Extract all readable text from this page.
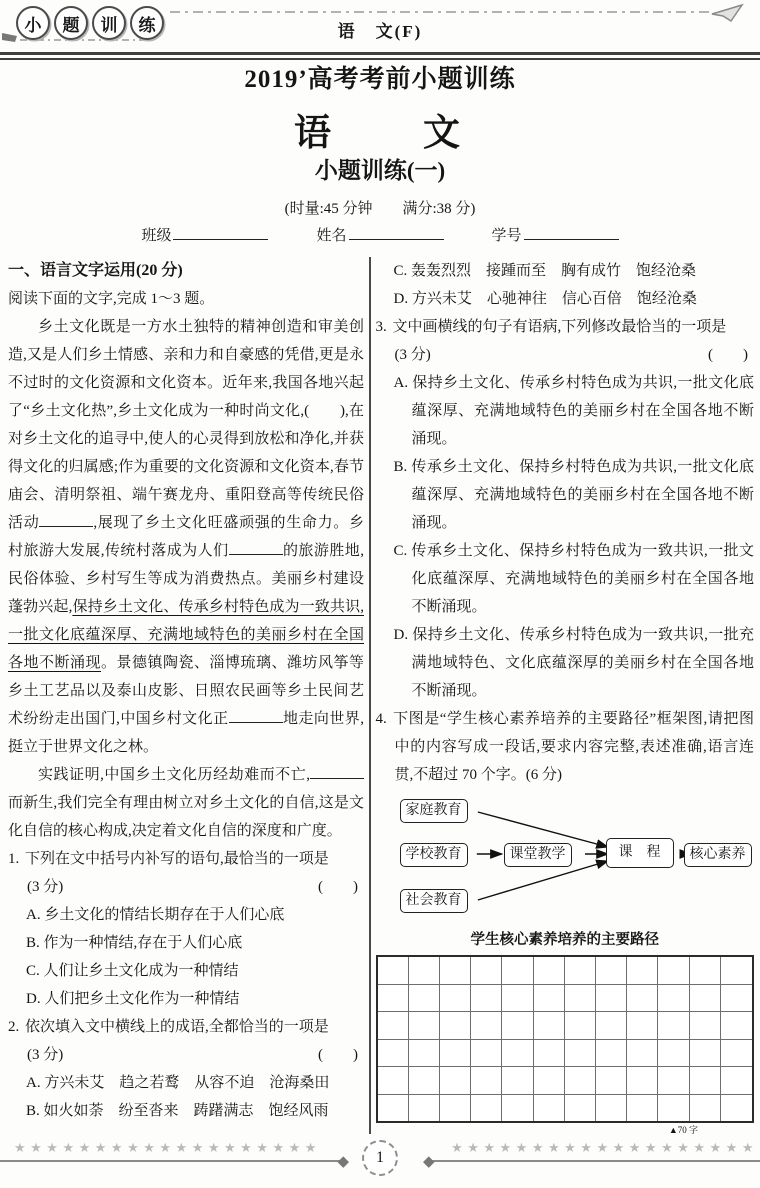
小	题	训	练	语　文(F)
2019’高考考前小题训练
语　　文
小题训练(一)
(时量:45 分钟　　满分:38 分)
班级	姓名	学号
一、语言文字运用(20 分)
阅读下面的文字,完成 1～3 题。

乡土文化既是一方水土独特的精神创造和审美创造,又是人们乡土情感、亲和力和自豪感的凭借,更是永不过时的文化资源和文化资本。近年来,我国各地兴起了“乡土文化热”,乡土文化成为一种时尚文化,(　　),在对乡土文化的追寻中,使人的心灵得到放松和净化,并获得文化的归属感;作为重要的文化资源和文化资本,春节庙会、清明祭祖、端午赛龙舟、重阳登高等传统民俗活动	,展现了乡土文化旺盛顽强的生命力。乡村旅游大发展,传统村落成为人们	的旅游胜地,民俗体验、乡村写生等成为消费热点。美丽乡村建设蓬勃兴起,保持乡土文化、传承乡村特色成为一致共识,一批文化底蕴深厚、充满地域特色的美丽乡村在全国各地不断涌现。景德镇陶瓷、淄博琉璃、潍坊风筝等乡土工艺品以及泰山皮影、日照农民画等乡土民间艺术纷纷走出国门,中国乡村文化正	地走向世界,挺立于世界文化之林。

实践证明,中国乡土文化历经劫难而不亡,而新生,我们完全有理由树立对乡土文化的自信,这是文化自信的核心构成,决定着文化自信的深度和广度。

1. 下列在文中括号内补写的语句,最恰当的一项是
(3 分)	(　　)
A. 乡土文化的情结长期存在于人们心底
B. 作为一种情结,存在于人们心底
C. 人们让乡土文化成为一种情结
D. 人们把乡土文化作为一种情结
2. 依次填入文中横线上的成语,全都恰当的一项是
(3 分)	(　　)
A. 方兴未艾　趋之若鹜　从容不迫　沧海桑田
B. 如火如荼　纷至沓来　踌躇满志　饱经风雨
C. 轰轰烈烈　接踵而至　胸有成竹　饱经沧桑
D. 方兴未艾　心驰神往　信心百倍　饱经沧桑
3. 文中画横线的句子有语病,下列修改最恰当的一项是
(3 分)	(　　)
A. 保持乡土文化、传承乡村特色成为共识,一批文化底蕴深厚、充满地域特色的美丽乡村在全国各地不断涌现。
B. 传承乡土文化、保持乡村特色成为共识,一批文化底蕴深厚、充满地域特色的美丽乡村在全国各地不断涌现。
C. 传承乡土文化、保持乡村特色成为一致共识,一批文化底蕴深厚、充满地域特色的美丽乡村在全国各地不断涌现。
D. 保持乡土文化、传承乡村特色成为一致共识,一批充满地域特色、文化底蕴深厚的美丽乡村在全国各地不断涌现。
4. 下图是“学生核心素养培养的主要路径”框架图,请把图中的内容写成一段话,要求内容完整,表述准确,语言连贯,不超过 70 个字。(6 分)
家庭教育
学校教育
社会教育
课堂教学	课　程	核心素养
学生核心素养培养的主要路径
▲70 字
★★★★★★★★★★★★★★★★★★★
◆	1	◆
★★★★★★★★★★★★★★★★★★★
